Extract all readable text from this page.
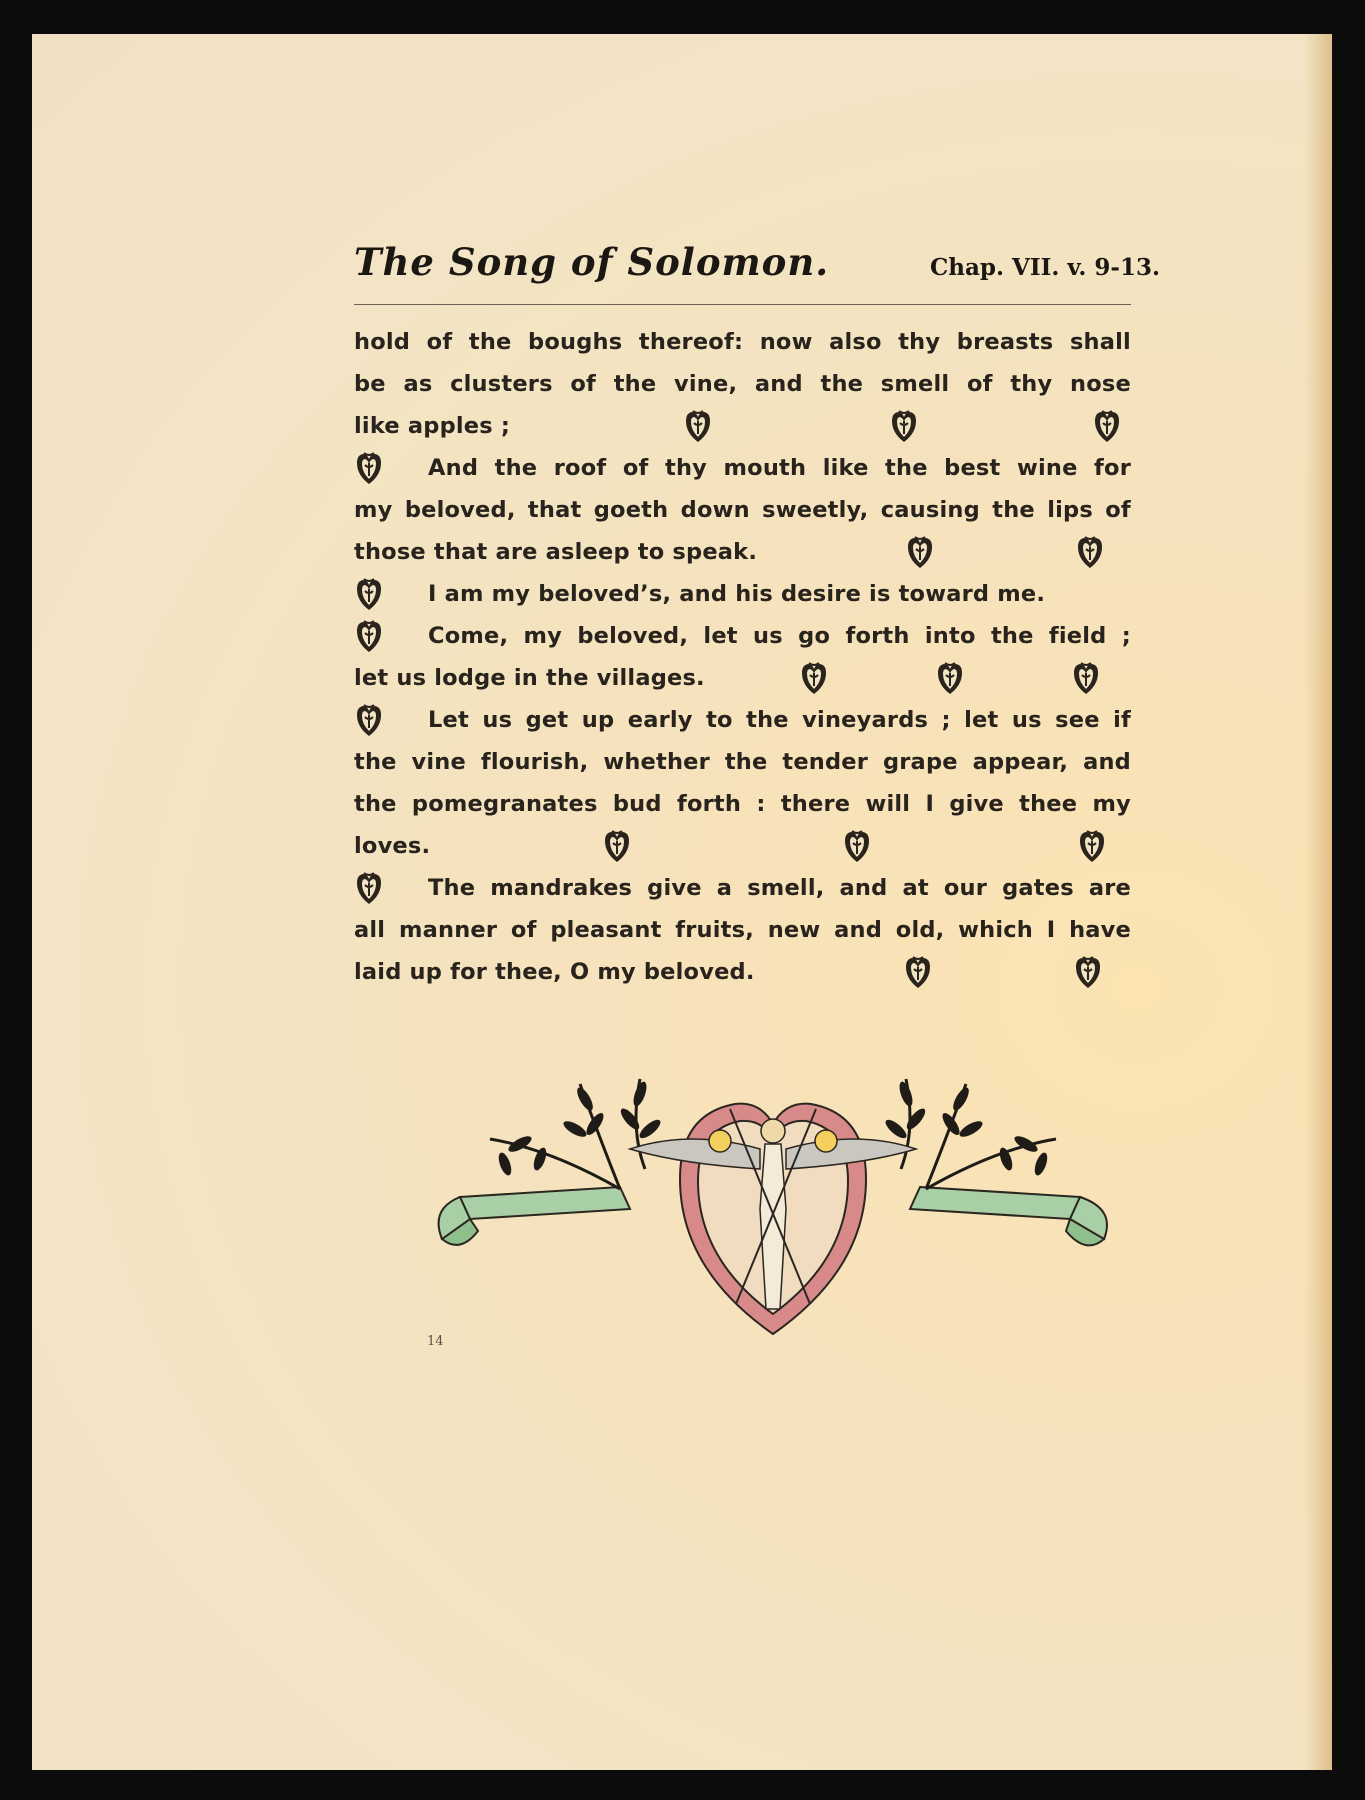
The Song of Solomon.	Chap. VII. v. 9-13.
hold of the boughs thereof: now also thy breasts shall
be as clusters of the vine, and the smell of thy nose
like apples ;
And the roof of thy mouth like the best wine for
my beloved, that goeth down sweetly, causing the lips of
those that are asleep to speak.
I am my beloved’s, and his desire is toward me.
Come, my beloved, let us go forth into the field ;
let us lodge in the villages.
Let us get up early to the vineyards ; let us see if
the vine flourish, whether the tender grape appear, and
the pomegranates bud forth : there will I give thee my
loves.
The mandrakes give a smell, and at our gates are
all manner of pleasant fruits, new and old, which I have
laid up for thee, O my beloved.
14
